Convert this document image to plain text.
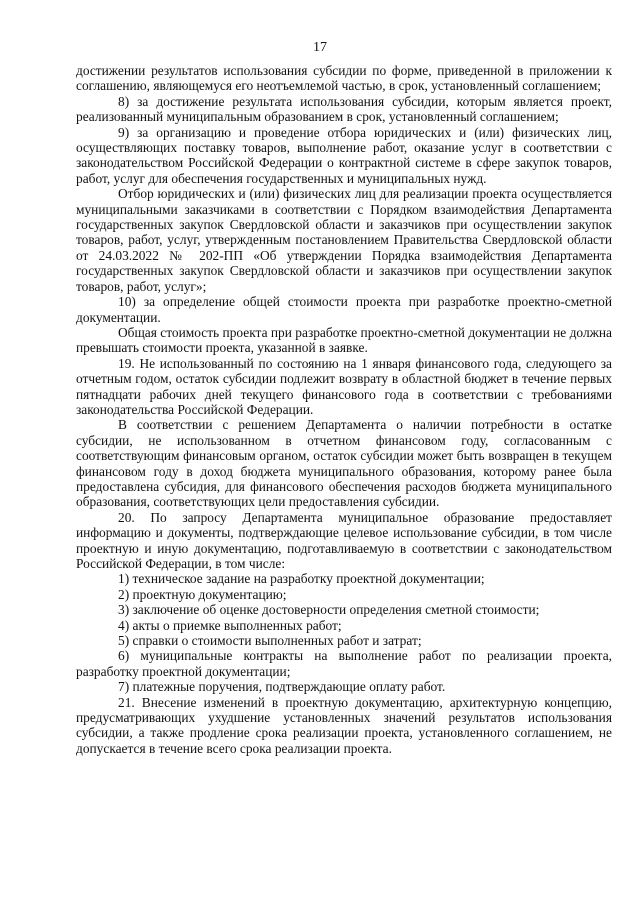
17

достижении результатов использования субсидии по форме, приведенной в приложении к соглашению, являющемуся его неотъемлемой частью, в срок, установленный соглашением;

8) за достижение результата использования субсидии, которым является проект, реализованный муниципальным образованием в срок, установленный соглашением;

9) за организацию и проведение отбора юридических и (или) физических лиц, осуществляющих поставку товаров, выполнение работ, оказание услуг в соответствии с законодательством Российской Федерации о контрактной системе в сфере закупок товаров, работ, услуг для обеспечения государственных и муниципальных нужд.

Отбор юридических и (или) физических лиц для реализации проекта осуществляется муниципальными заказчиками в соответствии с Порядком взаимодействия Департамента государственных закупок Свердловской области и заказчиков при осуществлении закупок товаров, работ, услуг, утвержденным постановлением Правительства Свердловской области от 24.03.2022 № 202-ПП «Об утверждении Порядка взаимодействия Департамента государственных закупок Свердловской области и заказчиков при осуществлении закупок товаров, работ, услуг»;

10) за определение общей стоимости проекта при разработке проектно-сметной документации.

Общая стоимость проекта при разработке проектно-сметной документации не должна превышать стоимости проекта, указанной в заявке.

19. Не использованный по состоянию на 1 января финансового года, следующего за отчетным годом, остаток субсидии подлежит возврату в областной бюджет в течение первых пятнадцати рабочих дней текущего финансового года в соответствии с требованиями законодательства Российской Федерации.

В соответствии с решением Департамента о наличии потребности в остатке субсидии, не использованном в отчетном финансовом году, согласованным с соответствующим финансовым органом, остаток субсидии может быть возвращен в текущем финансовом году в доход бюджета муниципального образования, которому ранее была предоставлена субсидия, для финансового обеспечения расходов бюджета муниципального образования, соответствующих цели предоставления субсидии.

20. По запросу Департамента муниципальное образование предоставляет информацию и документы, подтверждающие целевое использование субсидии, в том числе проектную и иную документацию, подготавливаемую в соответствии с законодательством Российской Федерации, в том числе:

1) техническое задание на разработку проектной документации;

2) проектную документацию;

3) заключение об оценке достоверности определения сметной стоимости;

4) акты о приемке выполненных работ;

5) справки о стоимости выполненных работ и затрат;

6) муниципальные контракты на выполнение работ по реализации проекта, разработку проектной документации;

7) платежные поручения, подтверждающие оплату работ.

21. Внесение изменений в проектную документацию, архитектурную концепцию, предусматривающих ухудшение установленных значений результатов использования субсидии, а также продление срока реализации проекта, установленного соглашением, не допускается в течение всего срока реализации проекта.
